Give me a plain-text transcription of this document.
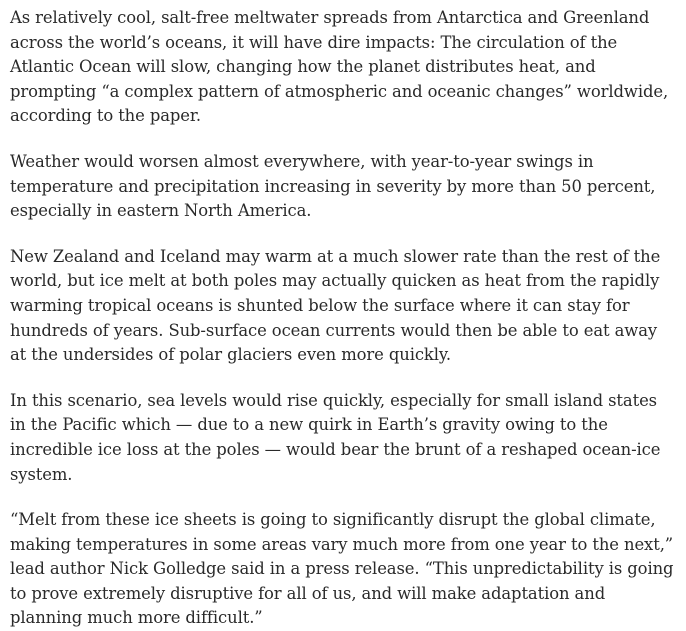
As relatively cool, salt-free meltwater spreads from Antarctica and Greenland across the world’s oceans, it will have dire impacts: The circulation of the Atlantic Ocean will slow, changing how the planet distributes heat, and prompting “a complex pattern of atmospheric and oceanic changes” worldwide, according to the paper.

Weather would worsen almost everywhere, with year-to-year swings in temperature and precipitation increasing in severity by more than 50 percent, especially in eastern North America.

New Zealand and Iceland may warm at a much slower rate than the rest of the world, but ice melt at both poles may actually quicken as heat from the rapidly warming tropical oceans is shunted below the surface where it can stay for hundreds of years. Sub-surface ocean currents would then be able to eat away at the undersides of polar glaciers even more quickly.

In this scenario, sea levels would rise quickly, especially for small island states in the Pacific which — due to a new quirk in Earth’s gravity owing to the incredible ice loss at the poles — would bear the brunt of a reshaped ocean-ice system.

“Melt from these ice sheets is going to significantly disrupt the global climate, making temperatures in some areas vary much more from one year to the next,” lead author Nick Golledge said in a press release. “This unpredictability is going to prove extremely disruptive for all of us, and will make adaptation and planning much more difficult.”
